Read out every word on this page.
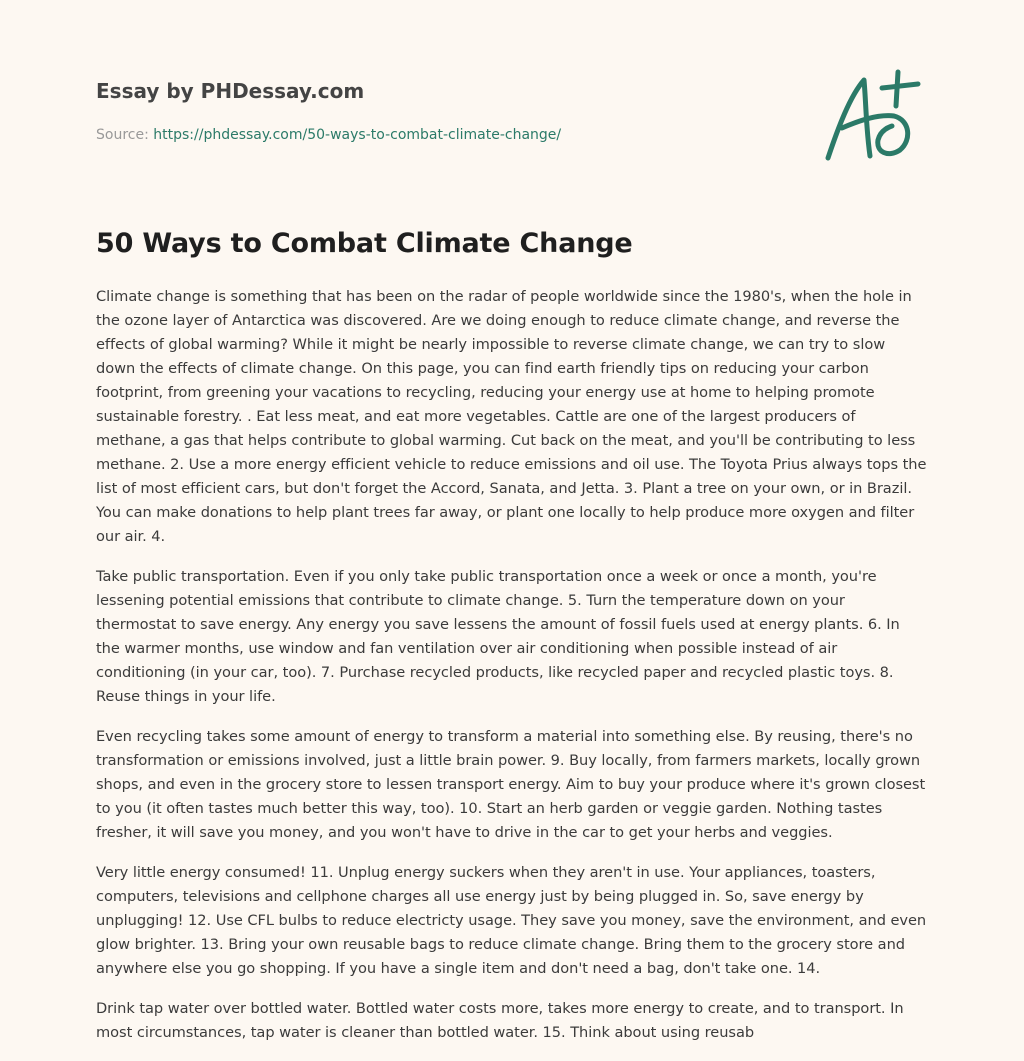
Essay by PHDessay.com
Source: https://phdessay.com/50-ways-to-combat-climate-change/
50 Ways to Combat Climate Change

Climate change is something that has been on the radar of people worldwide since the 1980's, when the hole in the ozone layer of Antarctica was discovered. Are we doing enough to reduce climate change, and reverse the effects of global warming? While it might be nearly impossible to reverse climate change, we can try to slow down the effects of climate change. On this page, you can find earth friendly tips on reducing your carbon footprint, from greening your vacations to recycling, reducing your energy use at home to helping promote sustainable forestry. . Eat less meat, and eat more vegetables. Cattle are one of the largest producers of methane, a gas that helps contribute to global warming. Cut back on the meat, and you'll be contributing to less methane. 2. Use a more energy efficient vehicle to reduce emissions and oil use. The Toyota Prius always tops the list of most efficient cars, but don't forget the Accord, Sanata, and Jetta. 3. Plant a tree on your own, or in Brazil. You can make donations to help plant trees far away, or plant one locally to help produce more oxygen and filter our air. 4.

Take public transportation. Even if you only take public transportation once a week or once a month, you're lessening potential emissions that contribute to climate change. 5. Turn the temperature down on your thermostat to save energy. Any energy you save lessens the amount of fossil fuels used at energy plants. 6. In the warmer months, use window and fan ventilation over air conditioning when possible instead of air conditioning (in your car, too). 7. Purchase recycled products, like recycled paper and recycled plastic toys. 8. Reuse things in your life.

Even recycling takes some amount of energy to transform a material into something else. By reusing, there's no transformation or emissions involved, just a little brain power. 9. Buy locally, from farmers markets, locally grown shops, and even in the grocery store to lessen transport energy. Aim to buy your produce where it's grown closest to you (it often tastes much better this way, too). 10. Start an herb garden or veggie garden. Nothing tastes fresher, it will save you money, and you won't have to drive in the car to get your herbs and veggies.

Very little energy consumed! 11. Unplug energy suckers when they aren't in use. Your appliances, toasters, computers, televisions and cellphone charges all use energy just by being plugged in. So, save energy by unplugging! 12. Use CFL bulbs to reduce electricty usage. They save you money, save the environment, and even glow brighter. 13. Bring your own reusable bags to reduce climate change. Bring them to the grocery store and anywhere else you go shopping. If you have a single item and don't need a bag, don't take one. 14.

Drink tap water over bottled water. Bottled water costs more, takes more energy to create, and to transport. In most circumstances, tap water is cleaner than bottled water. 15. Think about using reusab
